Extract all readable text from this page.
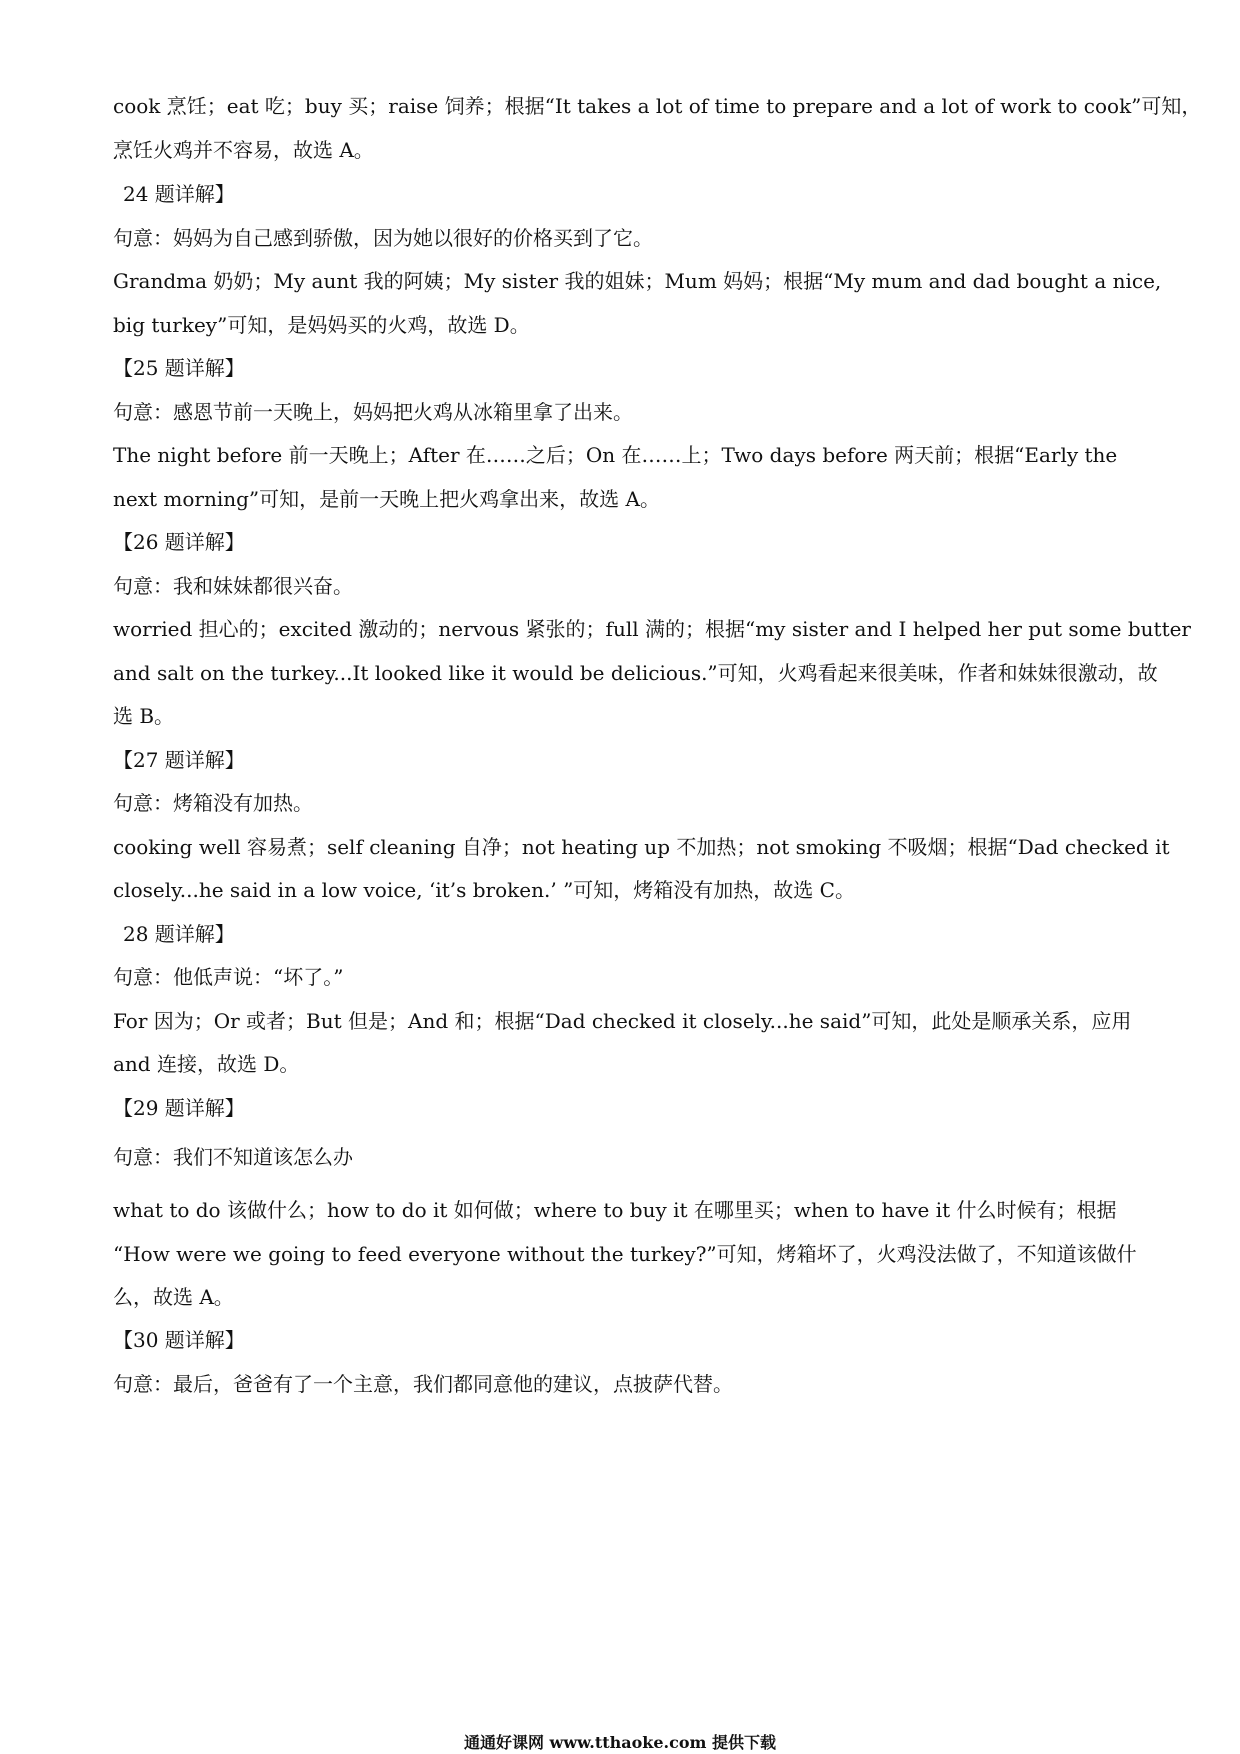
cook 烹饪；eat 吃；buy 买；raise 饲养；根据“It takes a lot of time to prepare and a lot of work to cook”可知，
烹饪火鸡并不容易，故选 A。
24 题详解】
句意：妈妈为自己感到骄傲，因为她以很好的价格买到了它。
Grandma 奶奶；My aunt 我的阿姨；My sister 我的姐妹；Mum 妈妈；根据“My mum and dad bought a nice,
big turkey”可知，是妈妈买的火鸡，故选 D。
【25 题详解】
句意：感恩节前一天晚上，妈妈把火鸡从冰箱里拿了出来。
The night before 前一天晚上；After 在……之后；On 在……上；Two days before 两天前；根据“Early the
next morning”可知，是前一天晚上把火鸡拿出来，故选 A。
【26 题详解】
句意：我和妹妹都很兴奋。
worried 担心的；excited 激动的；nervous 紧张的；full 满的；根据“my sister and I helped her put some butter
and salt on the turkey...It looked like it would be delicious.”可知，火鸡看起来很美味，作者和妹妹很激动，故
选 B。
【27 题详解】
句意：烤箱没有加热。
cooking well 容易煮；self cleaning 自净；not heating up 不加热；not smoking 不吸烟；根据“Dad checked it
closely...he said in a low voice, ‘it’s broken.’ ”可知，烤箱没有加热，故选 C。
28 题详解】
句意：他低声说：“坏了。”
For 因为；Or 或者；But 但是；And 和；根据“Dad checked it closely...he said”可知，此处是顺承关系，应用
and 连接，故选 D。
【29 题详解】
句意：我们不知道该怎么办
what to do 该做什么；how to do it 如何做；where to buy it 在哪里买；when to have it 什么时候有；根据
“How were we going to feed everyone without the turkey?”可知，烤箱坏了，火鸡没法做了，不知道该做什
么，故选 A。
【30 题详解】
句意：最后，爸爸有了一个主意，我们都同意他的建议，点披萨代替。
通通好课网 www.tthaoke.com 提供下载
